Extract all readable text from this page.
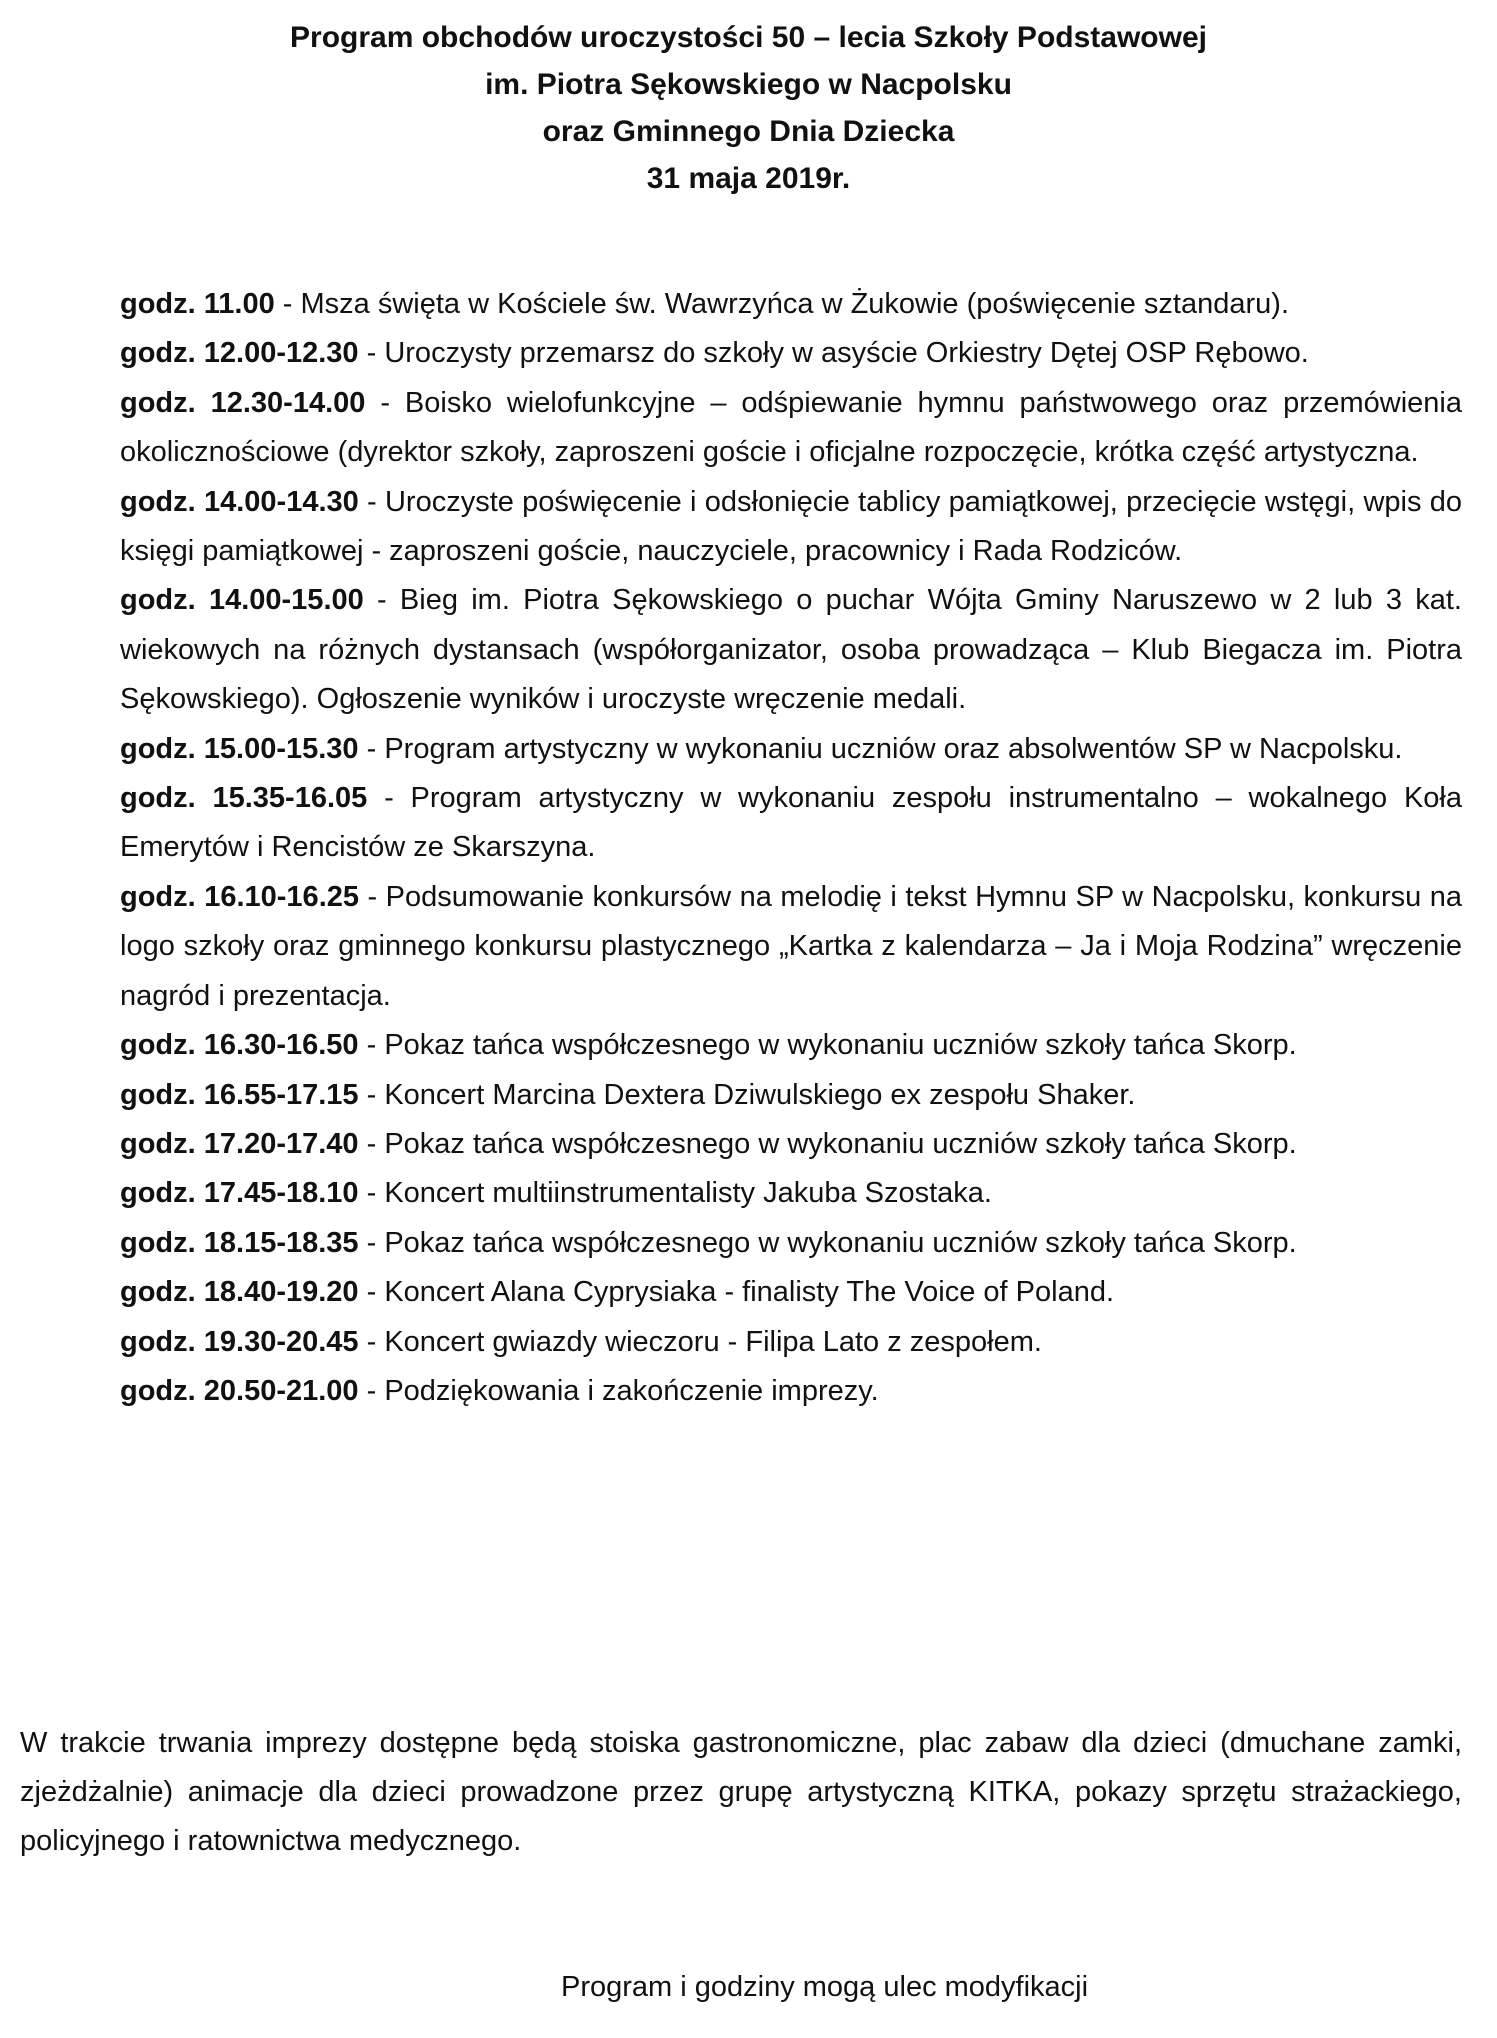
Program obchodów uroczystości 50 – lecia Szkoły Podstawowej
im. Piotra Sękowskiego w Nacpolsku
oraz Gminnego Dnia Dziecka
31 maja 2019r.

godz. 11.00 - Msza święta w Kościele św. Wawrzyńca w Żukowie (poświęcenie sztandaru).

godz. 12.00-12.30 - Uroczysty przemarsz do szkoły w asyście Orkiestry Dętej OSP Rębowo.

godz. 12.30-14.00 - Boisko wielofunkcyjne – odśpiewanie hymnu państwowego oraz przemówienia okolicznościowe (dyrektor szkoły, zaproszeni goście i oficjalne rozpoczęcie, krótka część artystyczna.

godz. 14.00-14.30 - Uroczyste poświęcenie i odsłonięcie tablicy pamiątkowej, przecięcie wstęgi, wpis do księgi pamiątkowej - zaproszeni goście, nauczyciele, pracownicy i Rada Rodziców.

godz. 14.00-15.00 - Bieg im. Piotra Sękowskiego o puchar Wójta Gminy Naruszewo w 2 lub 3 kat. wiekowych na różnych dystansach (współorganizator, osoba prowadząca – Klub Biegacza im. Piotra Sękowskiego). Ogłoszenie wyników i uroczyste wręczenie medali.

godz. 15.00-15.30 - Program artystyczny w wykonaniu uczniów oraz absolwentów SP w Nacpolsku.

godz. 15.35-16.05 - Program artystyczny w wykonaniu zespołu instrumentalno – wokalnego Koła Emerytów i Rencistów ze Skarszyna.

godz. 16.10-16.25 - Podsumowanie konkursów na melodię i tekst Hymnu SP w Nacpolsku, konkursu na logo szkoły oraz gminnego konkursu plastycznego „Kartka z kalendarza – Ja i Moja Rodzina” wręczenie nagród i prezentacja.

godz. 16.30-16.50 - Pokaz tańca współczesnego w wykonaniu uczniów szkoły tańca Skorp.

godz. 16.55-17.15 - Koncert Marcina Dextera Dziwulskiego ex zespołu Shaker.

godz. 17.20-17.40 - Pokaz tańca współczesnego w wykonaniu uczniów szkoły tańca Skorp.

godz. 17.45-18.10 - Koncert multiinstrumentalisty Jakuba Szostaka.

godz. 18.15-18.35 - Pokaz tańca współczesnego w wykonaniu uczniów szkoły tańca Skorp.

godz. 18.40-19.20 - Koncert Alana Cyprysiaka - finalisty The Voice of Poland.

godz. 19.30-20.45 - Koncert gwiazdy wieczoru - Filipa Lato z zespołem.

godz. 20.50-21.00 - Podziękowania i zakończenie imprezy.

W trakcie trwania imprezy dostępne będą stoiska gastronomiczne, plac zabaw dla dzieci (dmuchane zamki, zjeżdżalnie) animacje dla dzieci prowadzone przez grupę artystyczną KITKA, pokazy sprzętu strażackiego, policyjnego i ratownictwa medycznego.

Program i godziny mogą ulec modyfikacji
